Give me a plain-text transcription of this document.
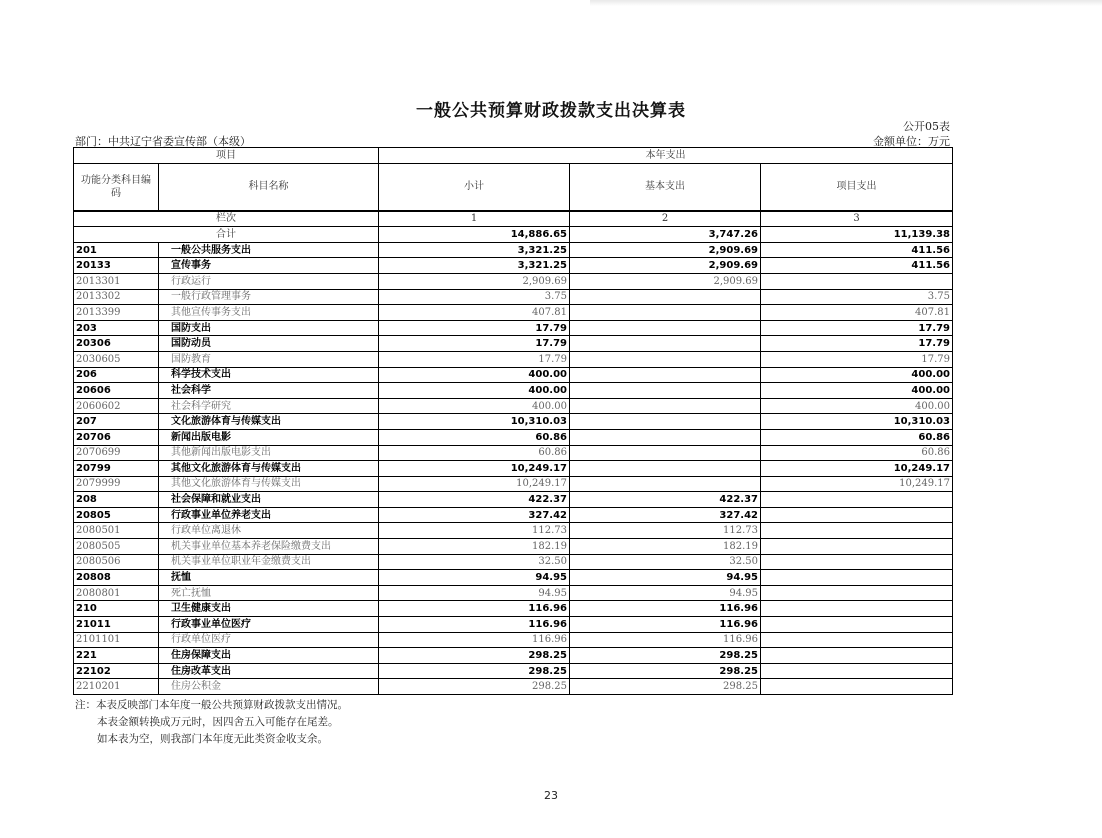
一般公共预算财政拨款支出决算表
公开05表
部门：中共辽宁省委宣传部（本级）	金额单位：万元
项目		本年支出		
功能分类科目编码	科目名称	小计	基本支出	项目支出
栏次		1	2	3
合计		14,886.65	3,747.26	11,139.38
201	一般公共服务支出	3,321.25	2,909.69	411.56
20133	宣传事务	3,321.25	2,909.69	411.56
2013301	行政运行	2,909.69	2,909.69	
2013302	一般行政管理事务	3.75		3.75
2013399	其他宣传事务支出	407.81		407.81
203	国防支出	17.79		17.79
20306	国防动员	17.79		17.79
2030605	国防教育	17.79		17.79
206	科学技术支出	400.00		400.00
20606	社会科学	400.00		400.00
2060602	社会科学研究	400.00		400.00
207	文化旅游体育与传媒支出	10,310.03		10,310.03
20706	新闻出版电影	60.86		60.86
2070699	其他新闻出版电影支出	60.86		60.86
20799	其他文化旅游体育与传媒支出	10,249.17		10,249.17
2079999	其他文化旅游体育与传媒支出	10,249.17		10,249.17
208	社会保障和就业支出	422.37	422.37	
20805	行政事业单位养老支出	327.42	327.42	
2080501	行政单位离退休	112.73	112.73	
2080505	机关事业单位基本养老保险缴费支出	182.19	182.19	
2080506	机关事业单位职业年金缴费支出	32.50	32.50	
20808	抚恤	94.95	94.95	
2080801	死亡抚恤	94.95	94.95	
210	卫生健康支出	116.96	116.96	
21011	行政事业单位医疗	116.96	116.96	
2101101	行政单位医疗	116.96	116.96	
221	住房保障支出	298.25	298.25	
22102	住房改革支出	298.25	298.25	
2210201	住房公积金	298.25	298.25	
注：本表反映部门本年度一般公共预算财政拨款支出情况。
本表金额转换成万元时，因四舍五入可能存在尾差。
如本表为空，则我部门本年度无此类资金收支余。
23
